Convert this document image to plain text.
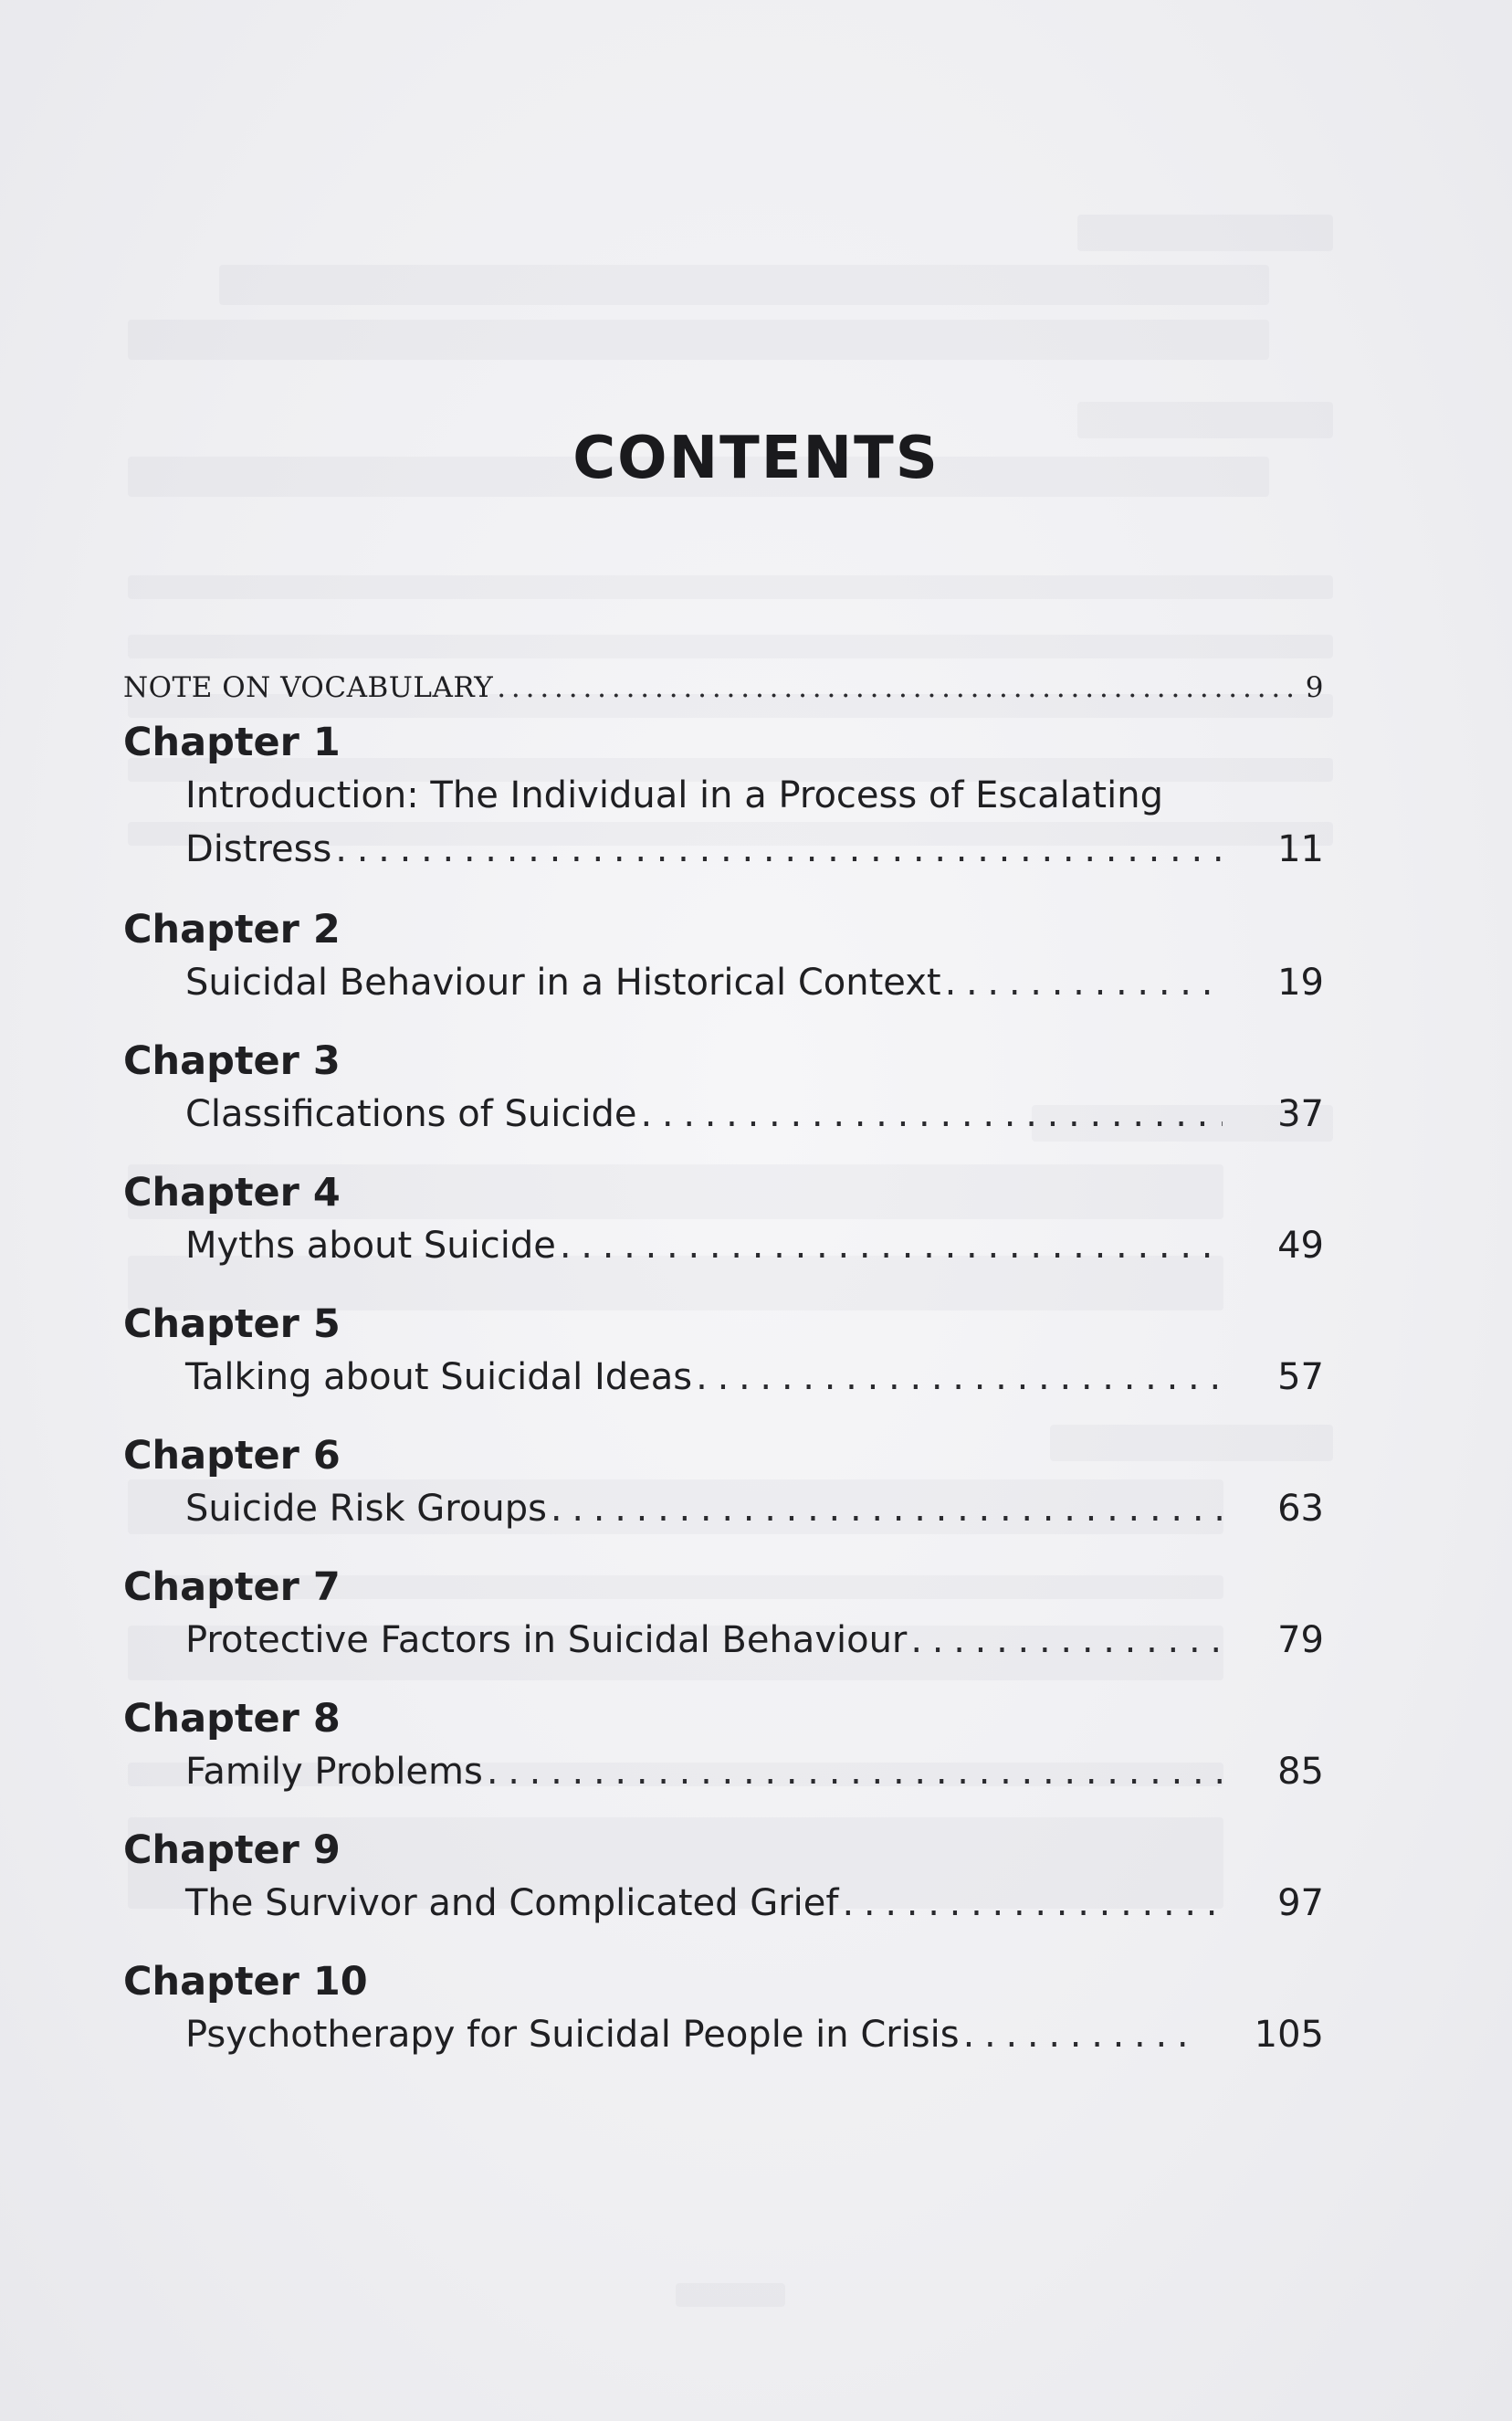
CONTENTS
NOTE ON VOCABULARY . . .	9
Chapter 1
Introduction: The Individual in a Process of Escalating
Distress . . .	11
Chapter 2
Suicidal Behaviour in a Historical Context . . .	19
Chapter 3
Classifications of Suicide . . .	37
Chapter 4
Myths about Suicide . . .	49
Chapter 5
Talking about Suicidal Ideas . . .	57
Chapter 6
Suicide Risk Groups . . .	63
Chapter 7
Protective Factors in Suicidal Behaviour . . .	79
Chapter 8
Family Problems . . .	85
Chapter 9
The Survivor and Complicated Grief . . .	97
Chapter 10
Psychotherapy for Suicidal People in Crisis . . .	105
